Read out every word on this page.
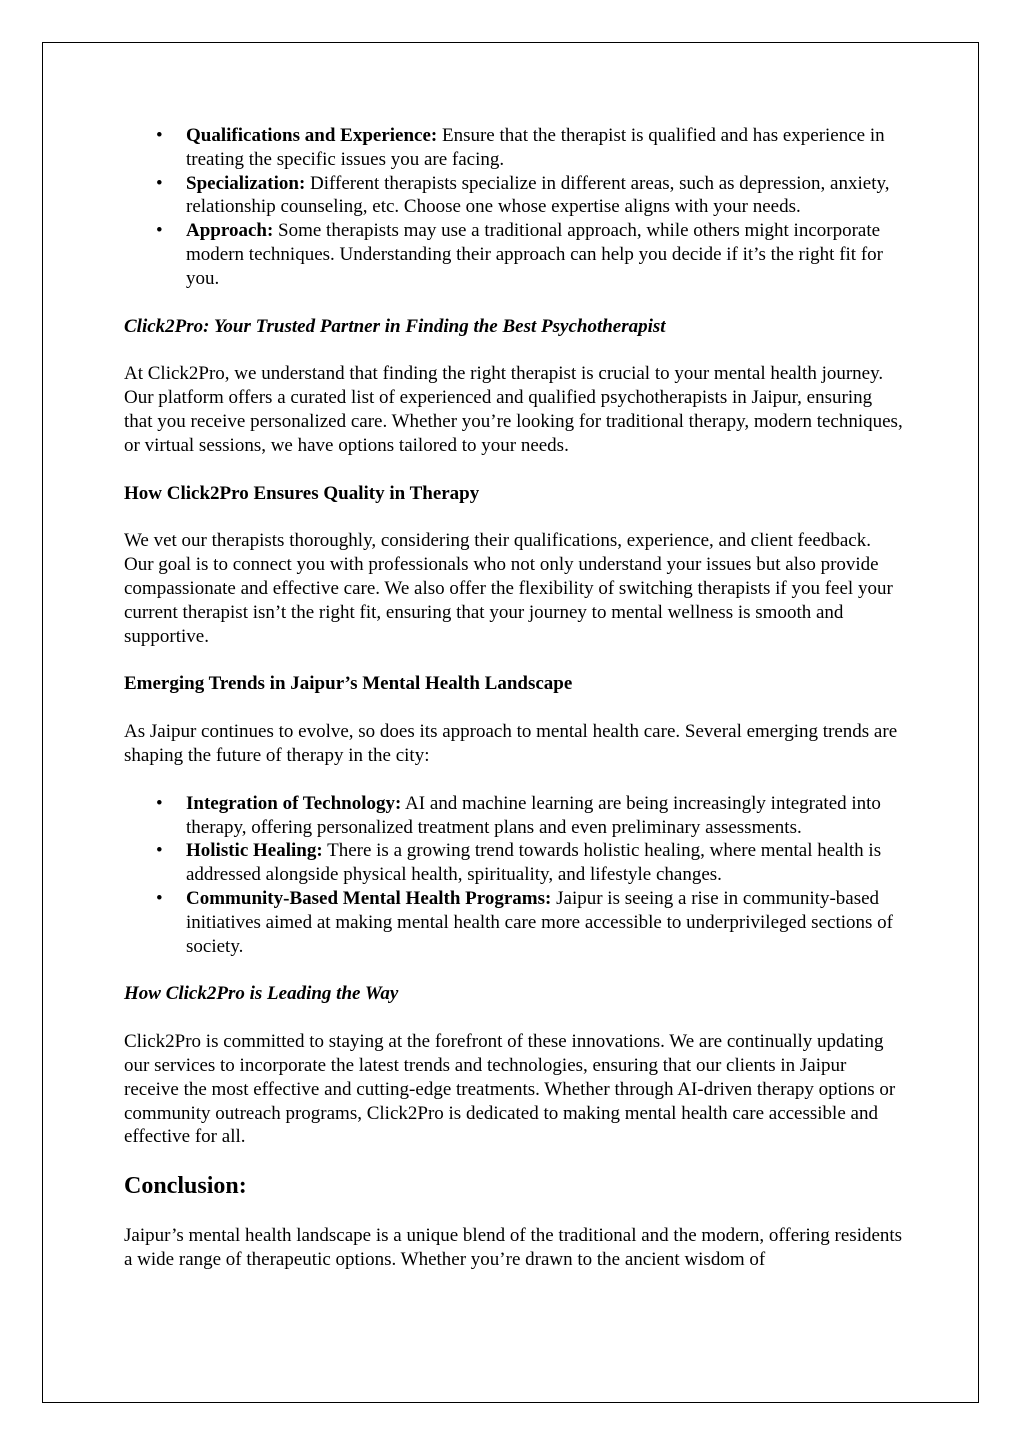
• Qualifications and Experience: Ensure that the therapist is qualified and has experience in treating the specific issues you are facing.
• Specialization: Different therapists specialize in different areas, such as depression, anxiety, relationship counseling, etc. Choose one whose expertise aligns with your needs.
• Approach: Some therapists may use a traditional approach, while others might incorporate modern techniques. Understanding their approach can help you decide if it’s the right fit for you.

Click2Pro: Your Trusted Partner in Finding the Best Psychotherapist

At Click2Pro, we understand that finding the right therapist is crucial to your mental health journey. Our platform offers a curated list of experienced and qualified psychotherapists in Jaipur, ensuring that you receive personalized care. Whether you’re looking for traditional therapy, modern techniques, or virtual sessions, we have options tailored to your needs.

How Click2Pro Ensures Quality in Therapy

We vet our therapists thoroughly, considering their qualifications, experience, and client feedback. Our goal is to connect you with professionals who not only understand your issues but also provide compassionate and effective care. We also offer the flexibility of switching therapists if you feel your current therapist isn’t the right fit, ensuring that your journey to mental wellness is smooth and supportive.

Emerging Trends in Jaipur’s Mental Health Landscape

As Jaipur continues to evolve, so does its approach to mental health care. Several emerging trends are shaping the future of therapy in the city:

• Integration of Technology: AI and machine learning are being increasingly integrated into therapy, offering personalized treatment plans and even preliminary assessments.
• Holistic Healing: There is a growing trend towards holistic healing, where mental health is addressed alongside physical health, spirituality, and lifestyle changes.
• Community-Based Mental Health Programs: Jaipur is seeing a rise in community-based initiatives aimed at making mental health care more accessible to underprivileged sections of society.

How Click2Pro is Leading the Way

Click2Pro is committed to staying at the forefront of these innovations. We are continually updating our services to incorporate the latest trends and technologies, ensuring that our clients in Jaipur receive the most effective and cutting-edge treatments. Whether through AI-driven therapy options or community outreach programs, Click2Pro is dedicated to making mental health care accessible and effective for all.

Conclusion:

Jaipur’s mental health landscape is a unique blend of the traditional and the modern, offering residents a wide range of therapeutic options. Whether you’re drawn to the ancient wisdom of
